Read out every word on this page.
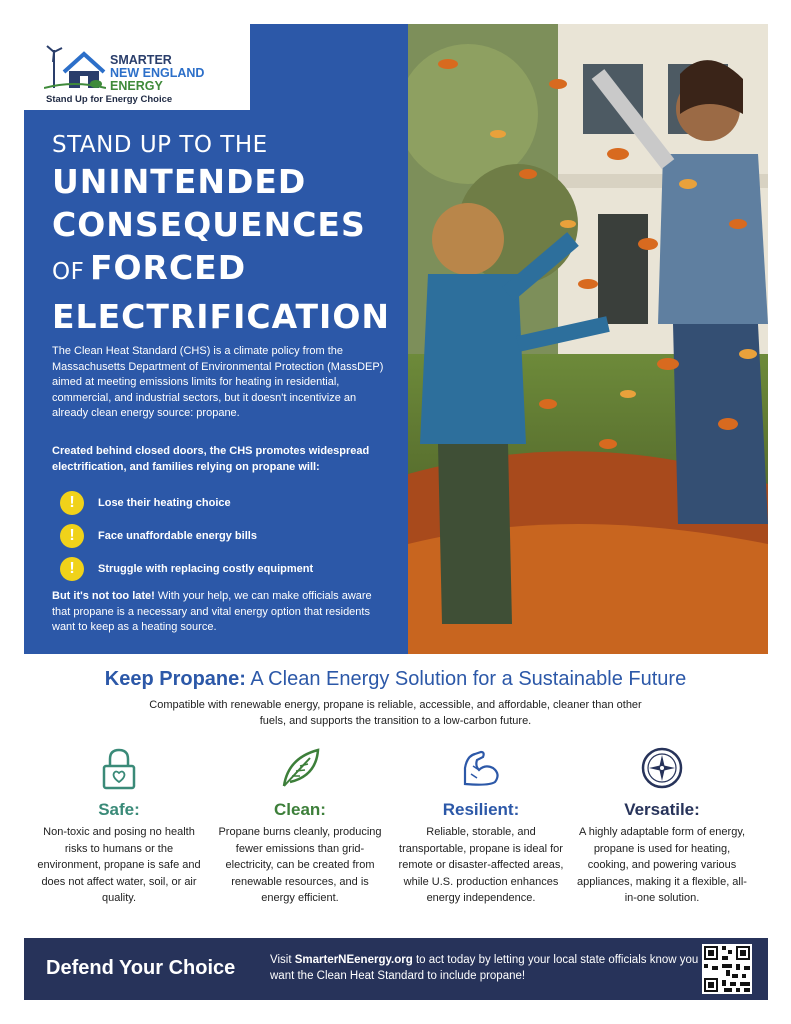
SMARTER
NEW ENGLAND
ENERGY
Stand Up for Energy Choice
STAND UP TO THE
UNINTENDED
CONSEQUENCES
OF FORCED
ELECTRIFICATION

The Clean Heat Standard (CHS) is a climate policy from the Massachusetts Department of Environmental Protection (MassDEP) aimed at meeting emissions limits for heating in residential, commercial, and industrial sectors, but it doesn't incentivize an already clean energy source: propane.

Created behind closed doors, the CHS promotes widespread electrification, and families relying on propane will:

!	Lose their heating choice
!	Face unaffordable energy bills
!	Struggle with replacing costly equipment

But it's not too late! With your help, we can make officials aware that propane is a necessary and vital energy option that residents want to keep as a heating source.

Keep Propane: A Clean Energy Solution for a Sustainable Future

Compatible with renewable energy, propane is reliable, accessible, and affordable, cleaner than other fuels, and supports the transition to a low-carbon future.

Safe:
Non-toxic and posing no health risks to humans or the environment, propane is safe and does not affect water, soil, or air quality.
Clean:
Propane burns cleanly, producing fewer emissions than grid-electricity, can be created from renewable resources, and is energy efficient.
Resilient:
Reliable, storable, and transportable, propane is ideal for remote or disaster-affected areas, while U.S. production enhances energy independence.
Versatile:
A highly adaptable form of energy, propane is used for heating, cooking, and powering various appliances, making it a flexible, all-in-one solution.
Defend Your Choice	Visit SmarterNEenergy.org to act today by letting your local state officials know you want the Clean Heat Standard to include propane!
